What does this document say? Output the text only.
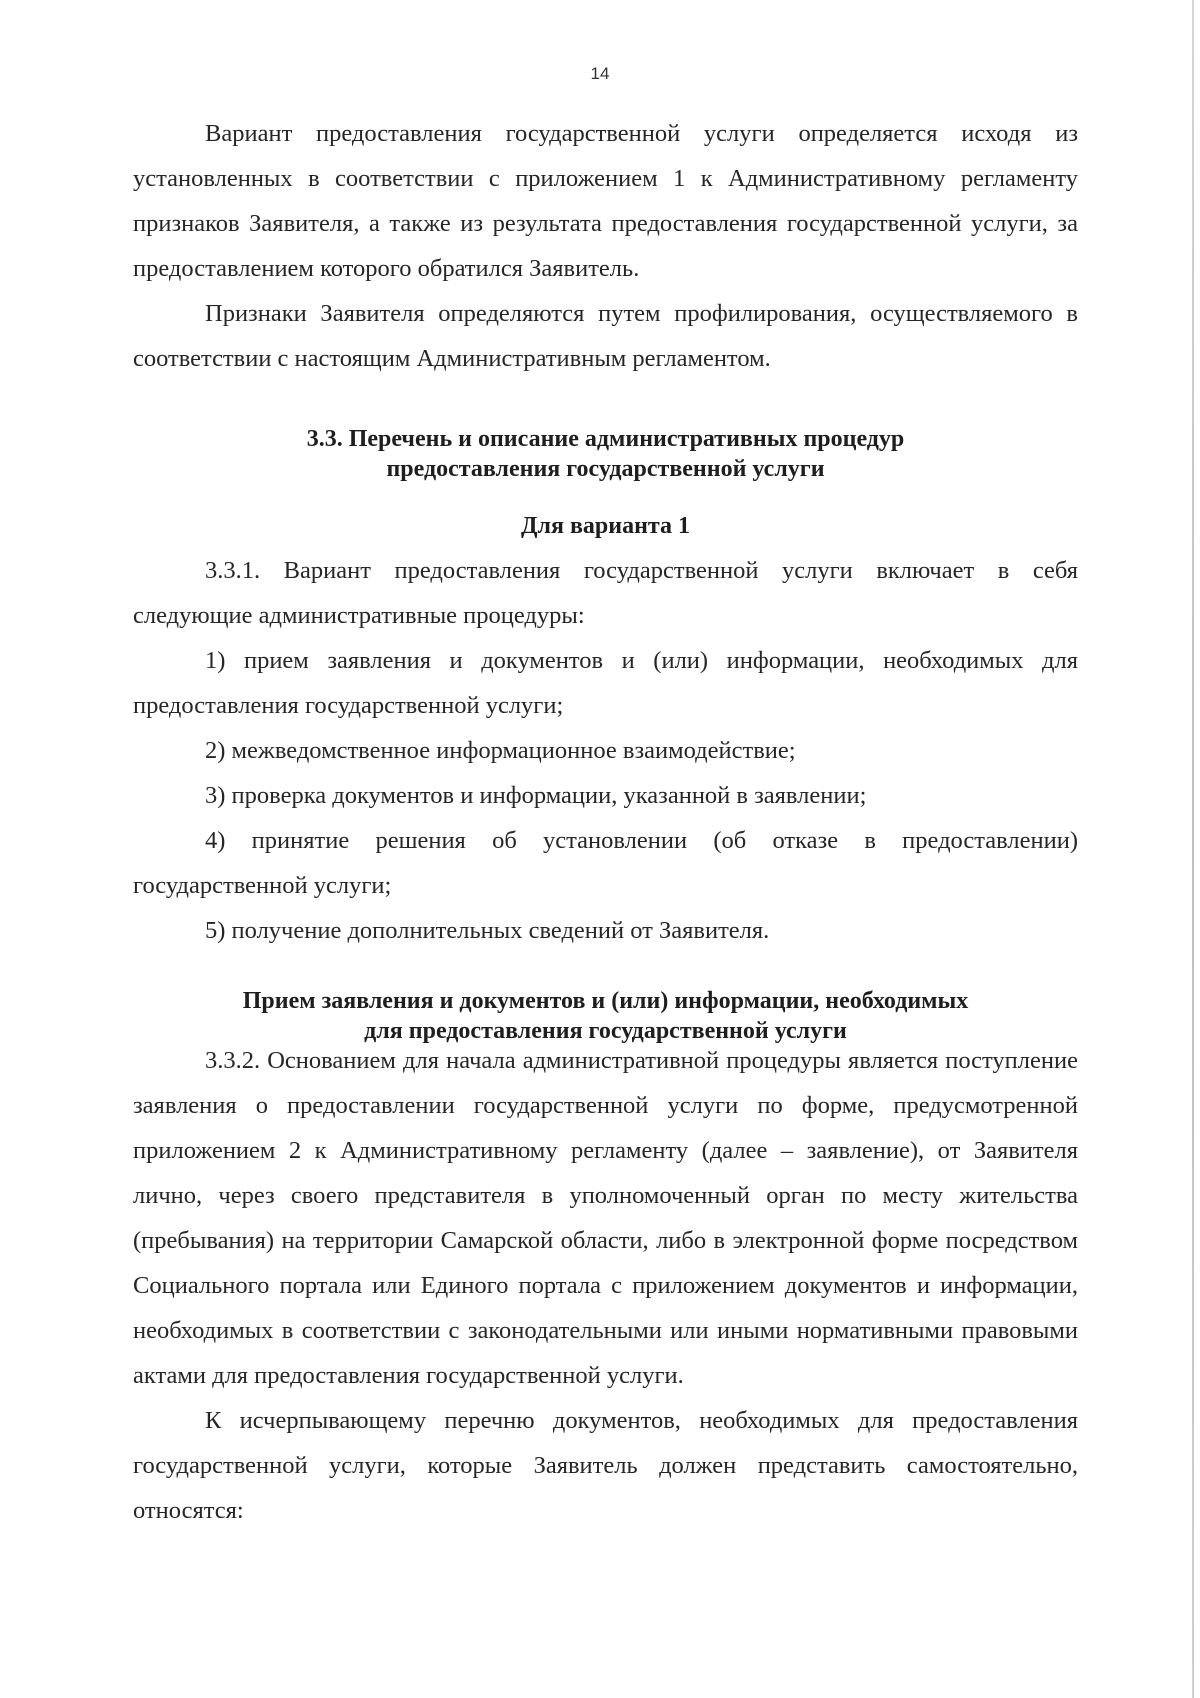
14

Вариант предоставления государственной услуги определяется исходя из установленных в соответствии с приложением 1 к Административному регламенту признаков Заявителя, а также из результата предоставления государственной услуги, за предоставлением которого обратился Заявитель.

Признаки Заявителя определяются путем профилирования, осуществляемого в соответствии с настоящим Административным регламентом.

3.3. Перечень и описание административных процедур

предоставления государственной услуги

Для варианта 1

3.3.1. Вариант предоставления государственной услуги включает в себя следующие административные процедуры:

1) прием заявления и документов и (или) информации, необходимых для предоставления государственной услуги;

2) межведомственное информационное взаимодействие;

3) проверка документов и информации, указанной в заявлении;

4) принятие решения об установлении (об отказе в предоставлении) государственной услуги;

5) получение дополнительных сведений от Заявителя.

Прием заявления и документов и (или) информации, необходимых

для предоставления государственной услуги

3.3.2. Основанием для начала административной процедуры является поступление заявления о предоставлении государственной услуги по форме, предусмотренной приложением 2 к Административному регламенту (далее – заявление), от Заявителя лично, через своего представителя в уполномоченный орган по месту жительства (пребывания) на территории Самарской области, либо в электронной форме посредством Социального портала или Единого портала с приложением документов и информации, необходимых в соответствии с законодательными или иными нормативными правовыми актами для предоставления государственной услуги.

К исчерпывающему перечню документов, необходимых для предоставления государственной услуги, которые Заявитель должен представить самостоятельно, относятся:
